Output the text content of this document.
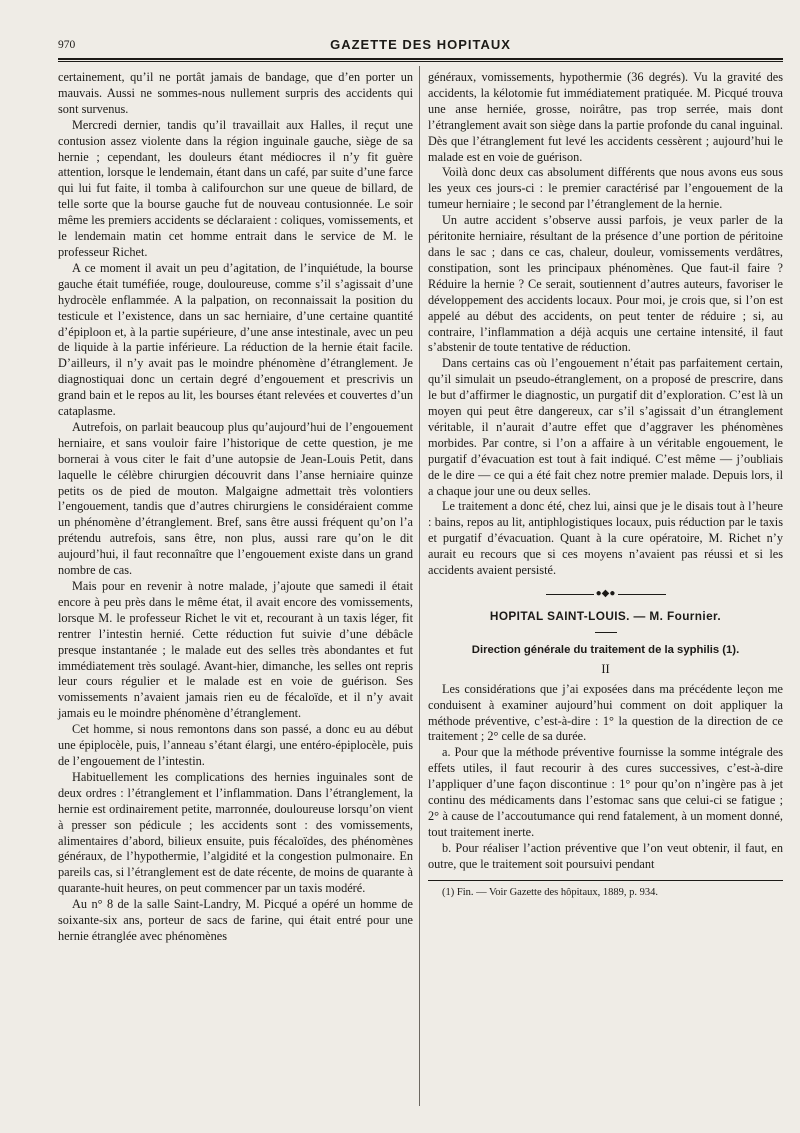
970	GAZETTE DES HOPITAUX

certainement, qu’il ne portât jamais de bandage, que d’en porter un mauvais. Aussi ne sommes-nous nullement surpris des accidents qui sont survenus.

Mercredi dernier, tandis qu’il travaillait aux Halles, il reçut une contusion assez violente dans la région inguinale gauche, siège de sa hernie ; cependant, les douleurs étant médiocres il n’y fit guère attention, lorsque le lendemain, étant dans un café, par suite d’une farce qui lui fut faite, il tomba à califourchon sur une queue de billard, de telle sorte que la bourse gauche fut de nouveau contusionnée. Le soir même les premiers accidents se déclaraient : coliques, vomissements, et le lendemain matin cet homme entrait dans le service de M. le professeur Richet.

A ce moment il avait un peu d’agitation, de l’inquiétude, la bourse gauche était tuméfiée, rouge, douloureuse, comme s’il s’agissait d’une hydrocèle enflammée. A la palpation, on reconnaissait la position du testicule et l’existence, dans un sac herniaire, d’une certaine quantité d’épiploon et, à la partie supérieure, d’une anse intestinale, avec un peu de liquide à la partie inférieure. La réduction de la hernie était facile. D’ailleurs, il n’y avait pas le moindre phénomène d’étranglement. Je diagnostiquai donc un certain degré d’engouement et prescrivis un grand bain et le repos au lit, les bourses étant relevées et couvertes d’un cataplasme.

Autrefois, on parlait beaucoup plus qu’aujourd’hui de l’engouement herniaire, et sans vouloir faire l’historique de cette question, je me bornerai à vous citer le fait d’une autopsie de Jean-Louis Petit, dans laquelle le célèbre chirurgien découvrit dans l’anse herniaire quinze petits os de pied de mouton. Malgaigne admettait très volontiers l’engouement, tandis que d’autres chirurgiens le considéraient comme un phénomène d’étranglement. Bref, sans être aussi fréquent qu’on l’a prétendu autrefois, sans être, non plus, aussi rare qu’on le dit aujourd’hui, il faut reconnaître que l’engouement existe dans un grand nombre de cas.

Mais pour en revenir à notre malade, j’ajoute que samedi il était encore à peu près dans le même état, il avait encore des vomissements, lorsque M. le professeur Richet le vit et, recourant à un taxis léger, fit rentrer l’intestin hernié. Cette réduction fut suivie d’une débâcle presque instantanée ; le malade eut des selles très abondantes et fut immédiatement très soulagé. Avant-hier, dimanche, les selles ont repris leur cours régulier et le malade est en voie de guérison. Ses vomissements n’avaient jamais rien eu de fécaloïde, et il n’y avait jamais eu le moindre phénomène d’étranglement.

Cet homme, si nous remontons dans son passé, a donc eu au début une épiplocèle, puis, l’anneau s’étant élargi, une entéro-épiplocèle, puis de l’engouement de l’intestin.

Habituellement les complications des hernies inguinales sont de deux ordres : l’étranglement et l’inflammation. Dans l’étranglement, la hernie est ordinairement petite, marronnée, douloureuse lorsqu’on vient à presser son pédicule ; les accidents sont : des vomissements, alimentaires d’abord, bilieux ensuite, puis fécaloïdes, des phénomènes généraux, de l’hypothermie, l’algidité et la congestion pulmonaire. En pareils cas, si l’étranglement est de date récente, de moins de quarante à quarante-huit heures, on peut commencer par un taxis modéré.

Au n° 8 de la salle Saint-Landry, M. Picqué a opéré un homme de soixante-six ans, porteur de sacs de farine, qui était entré pour une hernie étranglée avec phénomènes

généraux, vomissements, hypothermie (36 degrés). Vu la gravité des accidents, la kélotomie fut immédiatement pratiquée. M. Picqué trouva une anse herniée, grosse, noirâtre, pas trop serrée, mais dont l’étranglement avait son siège dans la partie profonde du canal inguinal. Dès que l’étranglement fut levé les accidents cessèrent ; aujourd’hui le malade est en voie de guérison.

Voilà donc deux cas absolument différents que nous avons eus sous les yeux ces jours-ci : le premier caractérisé par l’engouement de la tumeur herniaire ; le second par l’étranglement de la hernie.

Un autre accident s’observe aussi parfois, je veux parler de la péritonite herniaire, résultant de la présence d’une portion de péritoine dans le sac ; dans ce cas, chaleur, douleur, vomissements verdâtres, constipation, sont les principaux phénomènes. Que faut-il faire ? Réduire la hernie ? Ce serait, soutiennent d’autres auteurs, favoriser le développement des accidents locaux. Pour moi, je crois que, si l’on est appelé au début des accidents, on peut tenter de réduire ; si, au contraire, l’inflammation a déjà acquis une certaine intensité, il faut s’abstenir de toute tentative de réduction.

Dans certains cas où l’engouement n’était pas parfaitement certain, qu’il simulait un pseudo-étranglement, on a proposé de prescrire, dans le but d’affirmer le diagnostic, un purgatif dit d’exploration. C’est là un moyen qui peut être dangereux, car s’il s’agissait d’un étranglement véritable, il n’aurait d’autre effet que d’aggraver les phénomènes morbides. Par contre, si l’on a affaire à un véritable engouement, le purgatif d’évacuation est tout à fait indiqué. C’est même — j’oubliais de le dire — ce qui a été fait chez notre premier malade. Depuis lors, il a chaque jour une ou deux selles.

Le traitement a donc été, chez lui, ainsi que je le disais tout à l’heure : bains, repos au lit, antiphlogistiques locaux, puis réduction par le taxis et purgatif d’évacuation. Quant à la cure opératoire, M. Richet n’y aurait eu recours que si ces moyens n’avaient pas réussi et si les accidents avaient persisté.

●◆●
HOPITAL SAINT-LOUIS. — M. Fournier.
Direction générale du traitement de la syphilis (1).
II

Les considérations que j’ai exposées dans ma précédente leçon me conduisent à examiner aujourd’hui comment on doit appliquer la méthode préventive, c’est-à-dire : 1° la question de la direction de ce traitement ; 2° celle de sa durée.

a. Pour que la méthode préventive fournisse la somme intégrale des effets utiles, il faut recourir à des cures successives, c’est-à-dire l’appliquer d’une façon discontinue : 1° pour qu’on n’ingère pas à jet continu des médicaments dans l’estomac sans que celui-ci se fatigue ; 2° à cause de l’accoutumance qui rend fatalement, à un moment donné, tout traitement inerte.

b. Pour réaliser l’action préventive que l’on veut obtenir, il faut, en outre, que le traitement soit poursuivi pendant

(1) Fin. — Voir Gazette des hôpitaux, 1889, p. 934.
